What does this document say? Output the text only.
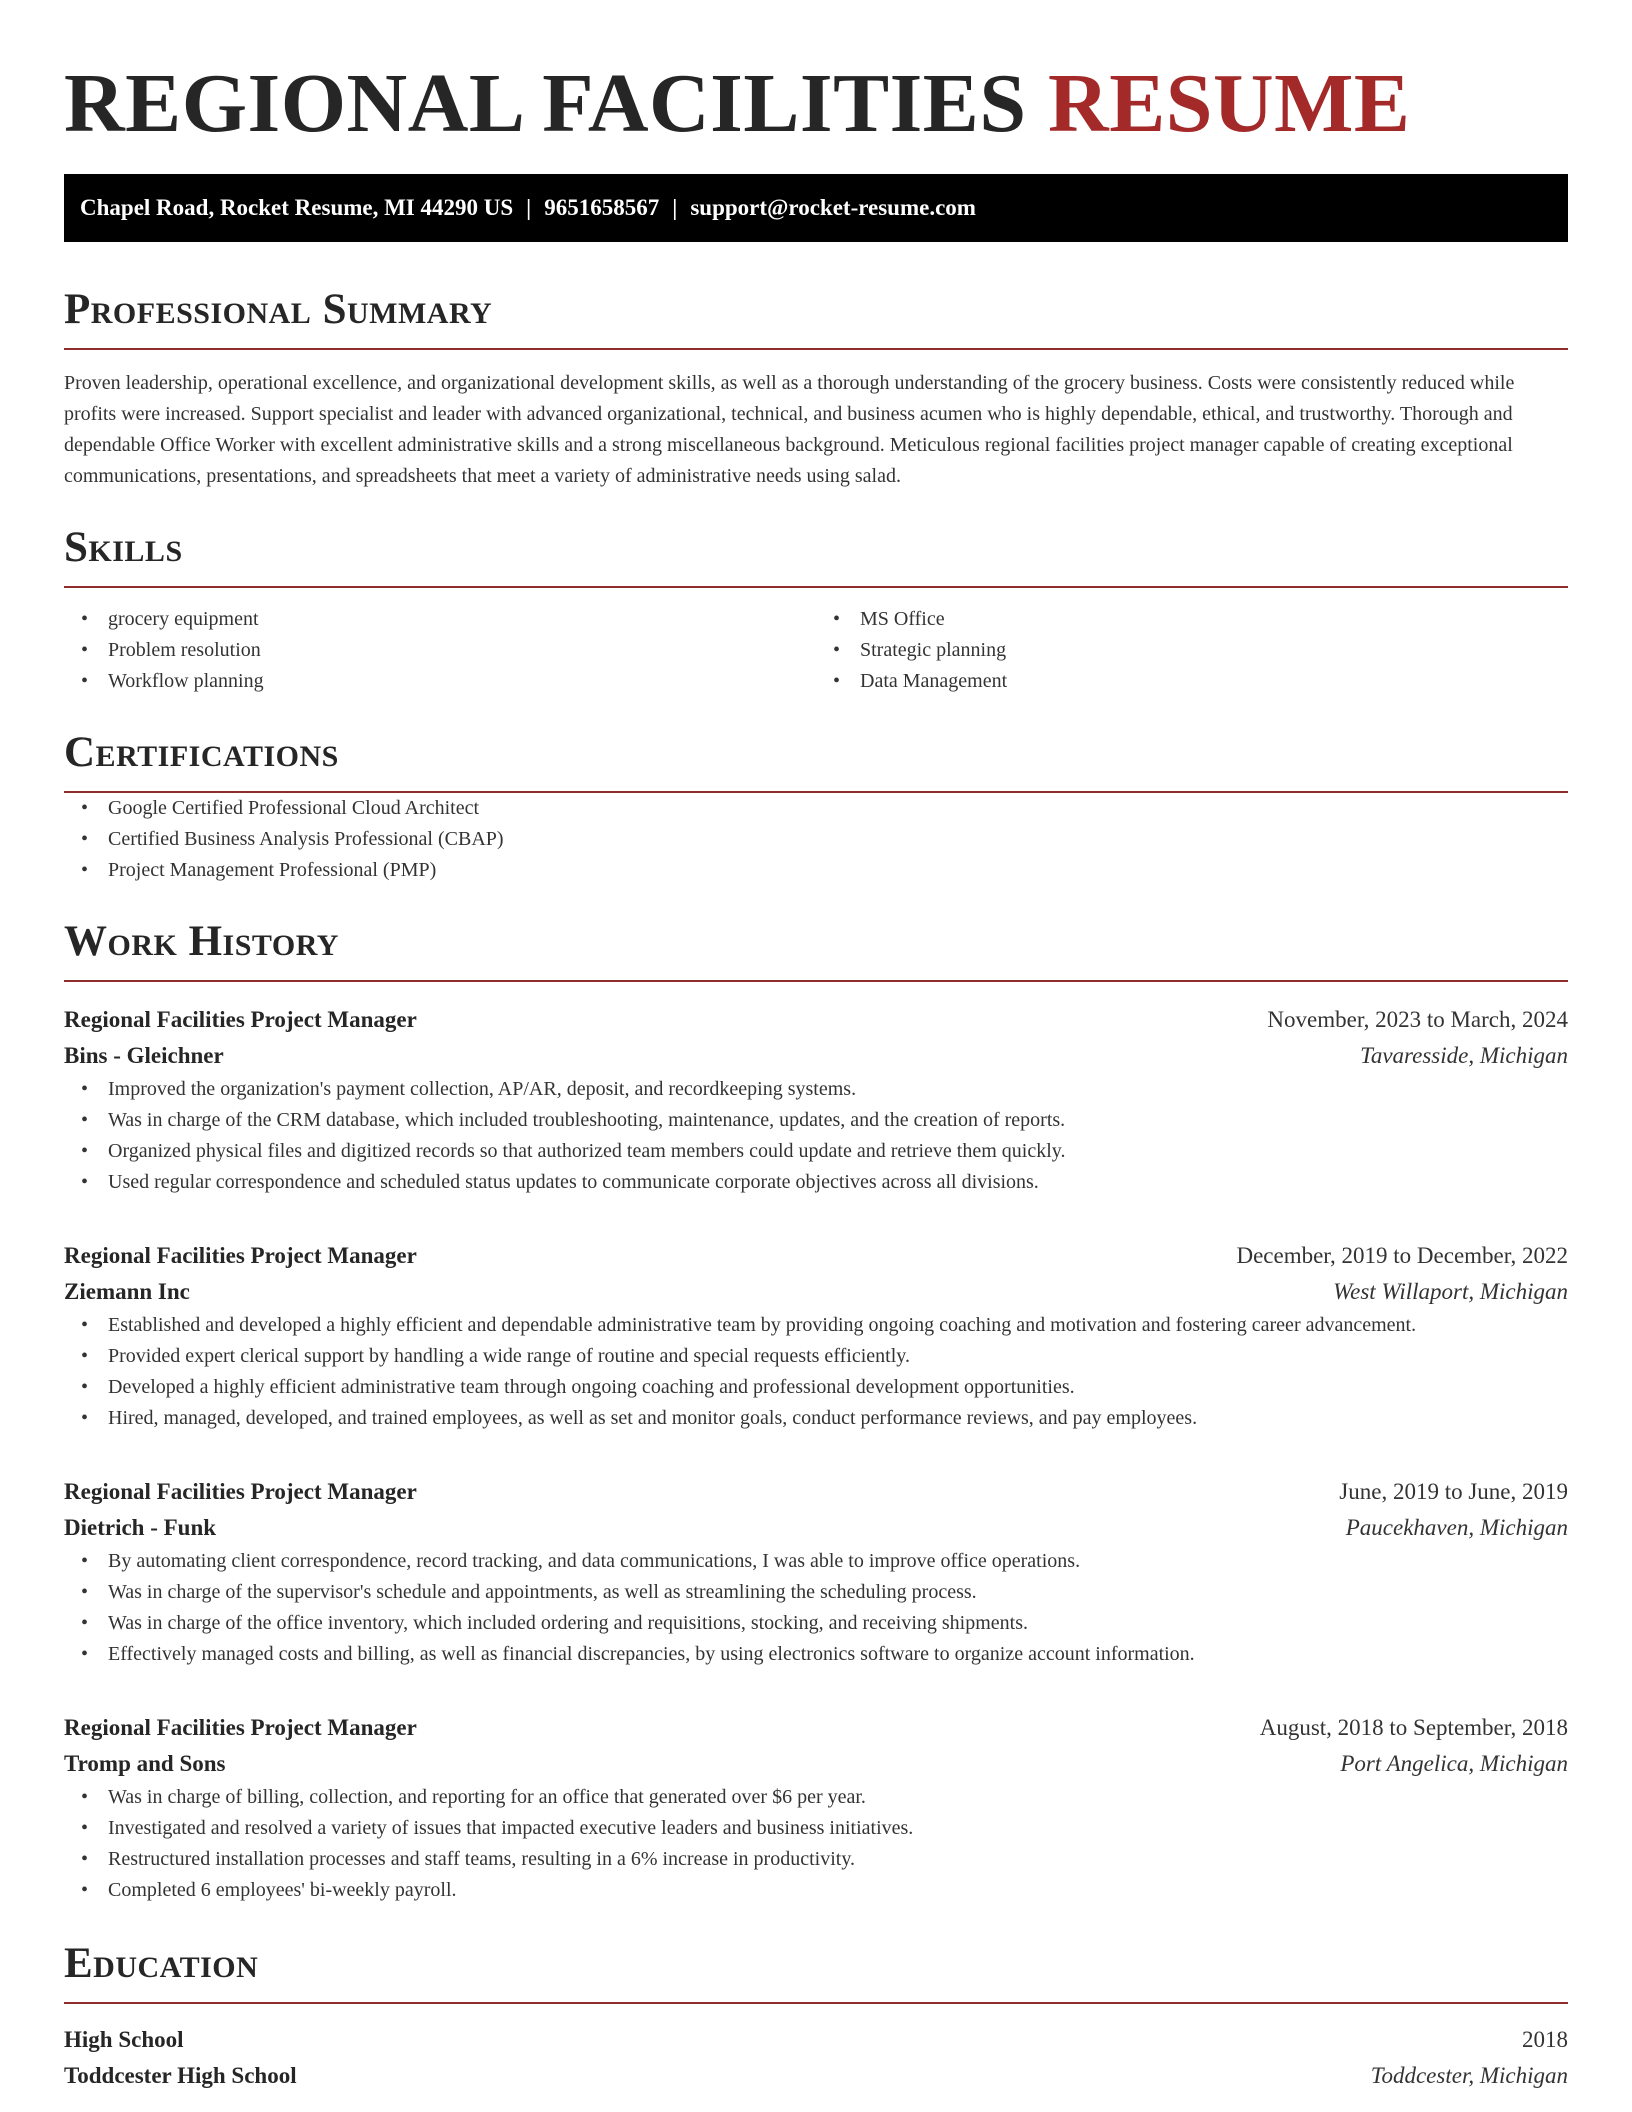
REGIONAL FACILITIES RESUME
Chapel Road, Rocket Resume, MI 44290 US | 9651658567 | support@rocket-resume.com
Professional Summary

Proven leadership, operational excellence, and organizational development skills, as well as a thorough understanding of the grocery business. Costs were consistently reduced while profits were increased. Support specialist and leader with advanced organizational, technical, and business acumen who is highly dependable, ethical, and trustworthy. Thorough and dependable Office Worker with excellent administrative skills and a strong miscellaneous background. Meticulous regional facilities project manager capable of creating exceptional communications, presentations, and spreadsheets that meet a variety of administrative needs using salad.

Skills
• grocery equipment
• Problem resolution
• Workflow planning
• MS Office
• Strategic planning
• Data Management
Certifications
• Google Certified Professional Cloud Architect
• Certified Business Analysis Professional (CBAP)
• Project Management Professional (PMP)
Work History
Regional Facilities Project Manager	November, 2023 to March, 2024
Bins - Gleichner	Tavaresside, Michigan
• Improved the organization's payment collection, AP/AR, deposit, and recordkeeping systems.
• Was in charge of the CRM database, which included troubleshooting, maintenance, updates, and the creation of reports.
• Organized physical files and digitized records so that authorized team members could update and retrieve them quickly.
• Used regular correspondence and scheduled status updates to communicate corporate objectives across all divisions.
Regional Facilities Project Manager	December, 2019 to December, 2022
Ziemann Inc	West Willaport, Michigan
• Established and developed a highly efficient and dependable administrative team by providing ongoing coaching and motivation and fostering career advancement.
• Provided expert clerical support by handling a wide range of routine and special requests efficiently.
• Developed a highly efficient administrative team through ongoing coaching and professional development opportunities.
• Hired, managed, developed, and trained employees, as well as set and monitor goals, conduct performance reviews, and pay employees.
Regional Facilities Project Manager	June, 2019 to June, 2019
Dietrich - Funk	Paucekhaven, Michigan
• By automating client correspondence, record tracking, and data communications, I was able to improve office operations.
• Was in charge of the supervisor's schedule and appointments, as well as streamlining the scheduling process.
• Was in charge of the office inventory, which included ordering and requisitions, stocking, and receiving shipments.
• Effectively managed costs and billing, as well as financial discrepancies, by using electronics software to organize account information.
Regional Facilities Project Manager	August, 2018 to September, 2018
Tromp and Sons	Port Angelica, Michigan
• Was in charge of billing, collection, and reporting for an office that generated over $6 per year.
• Investigated and resolved a variety of issues that impacted executive leaders and business initiatives.
• Restructured installation processes and staff teams, resulting in a 6% increase in productivity.
• Completed 6 employees' bi-weekly payroll.
Education
High School	2018
Toddcester High School	Toddcester, Michigan
